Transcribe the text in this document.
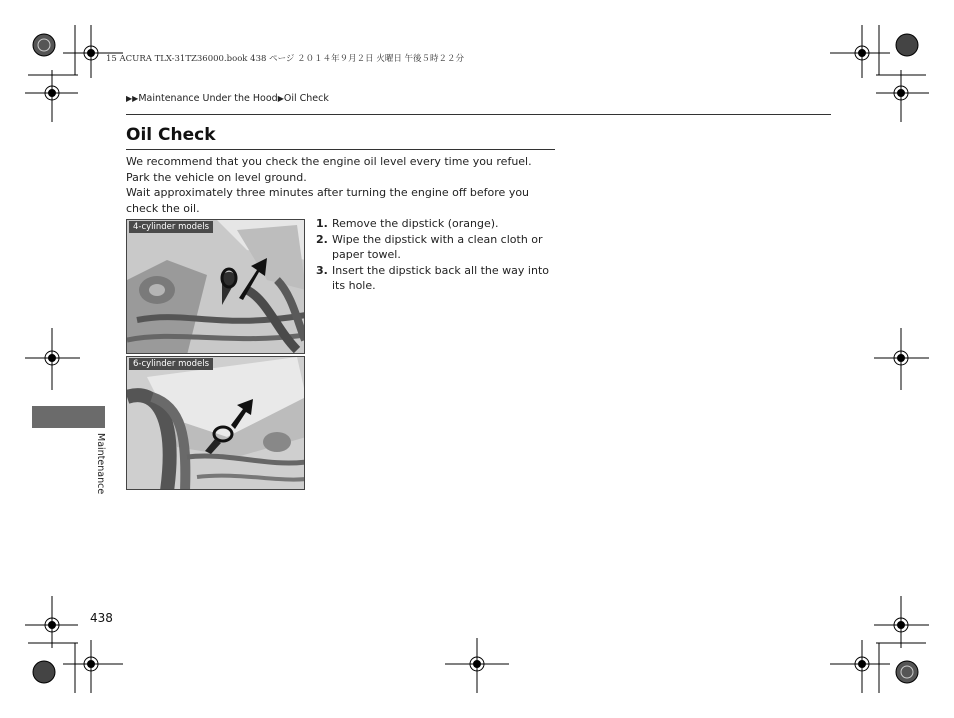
15 ACURA TLX-31TZ36000.book 438 ページ ２０１４年９月２日 火曜日 午後５時２２分
▶▶Maintenance Under the Hood▶Oil Check
Oil Check

We recommend that you check the engine oil level every time you refuel.

Park the vehicle on level ground.

Wait approximately three minutes after turning the engine off before you check the oil.

4-cylinder models
6-cylinder models
1. Remove the dipstick (orange).
2. Wipe the dipstick with a clean cloth or paper towel.
3. Insert the dipstick back all the way into its hole.
Maintenance
438
